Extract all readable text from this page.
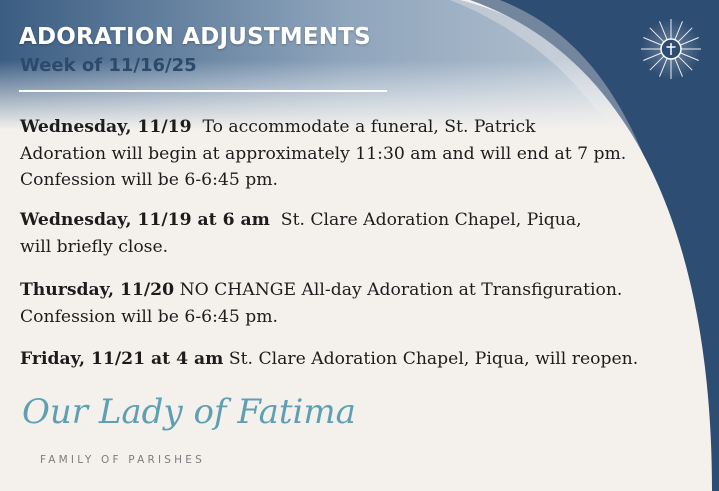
ADORATION ADJUSTMENTS
Week of 11/16/25
Wednesday, 11/19 To accommodate a funeral, St. Patrick
Adoration will begin at approximately 11:30 am and will end at 7 pm.
Confession will be 6-6:45 pm.
Wednesday, 11/19 at 6 am St. Clare Adoration Chapel, Piqua,
will briefly close.
Thursday, 11/20 NO CHANGE All-day Adoration at Transfiguration.
Confession will be 6-6:45 pm.
Friday, 11/21 at 4 am St. Clare Adoration Chapel, Piqua, will reopen.
Our Lady of Fatima
FAMILY OF PARISHES
